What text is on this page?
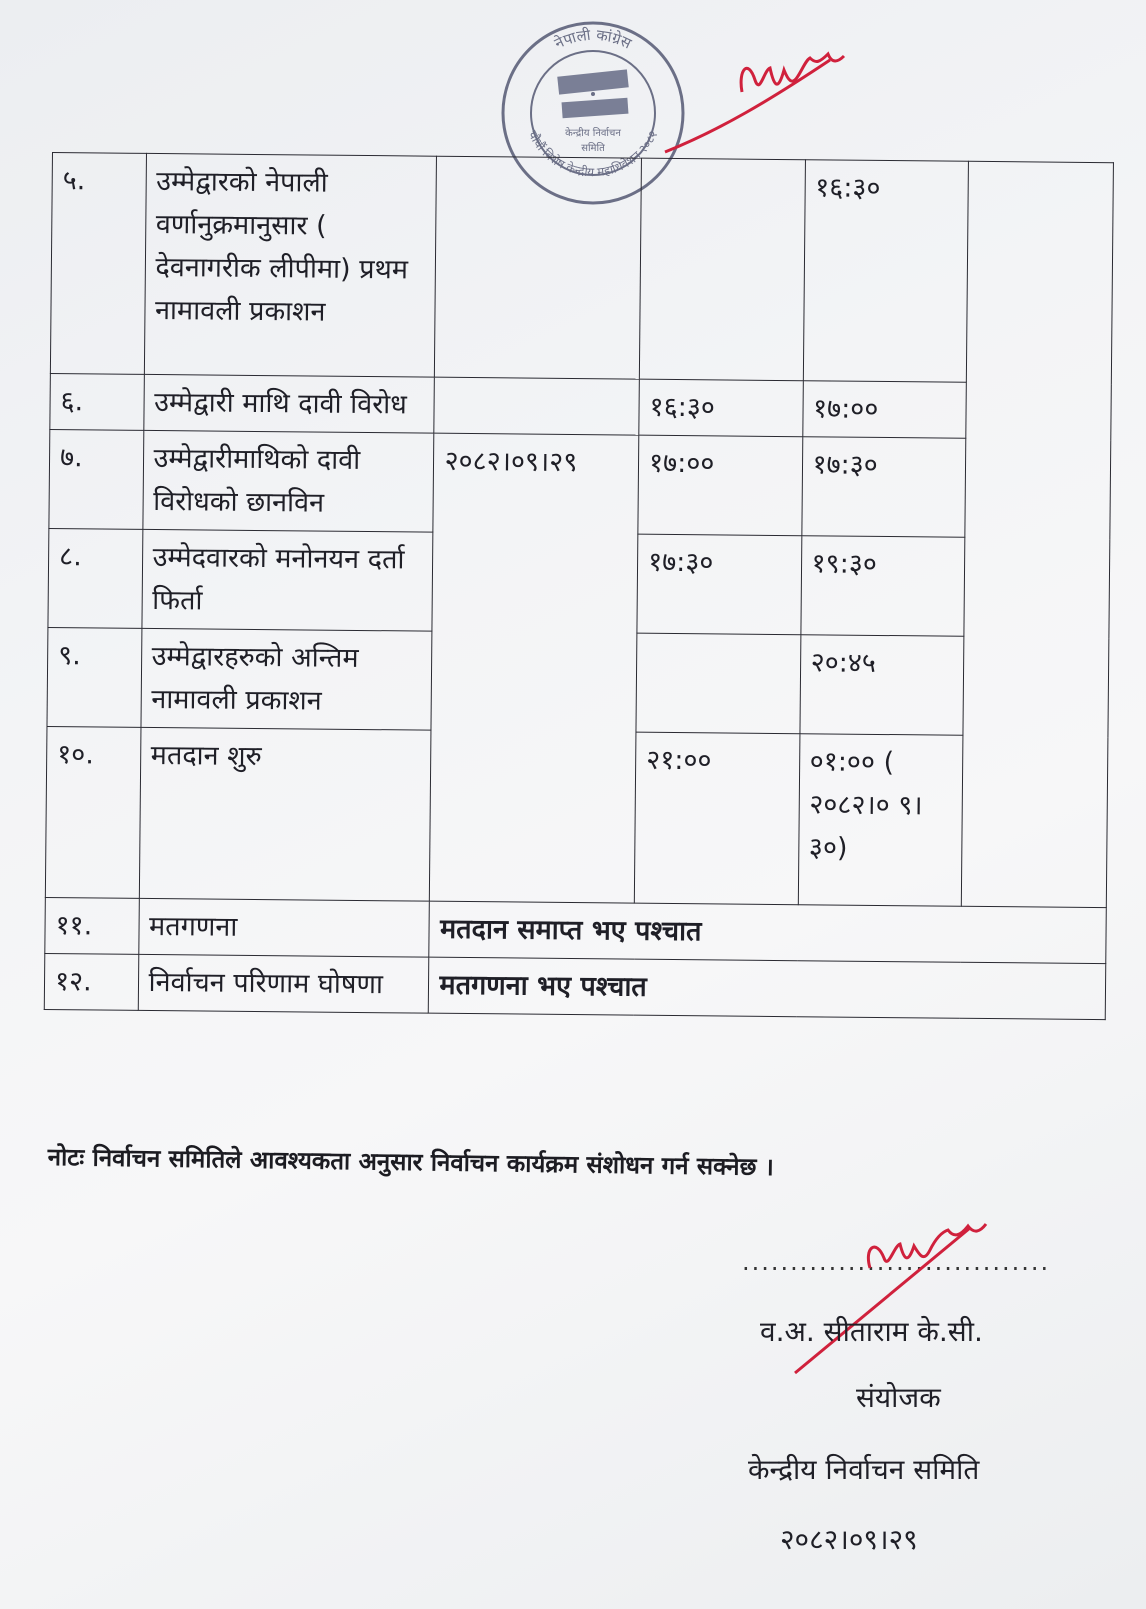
नेपाली कांग्रेस
चौधौं विशेष केन्द्रीय महाधिवेशन २०८२
केन्द्रीय निर्वाचन
समिति
५.	उम्मेद्वारको नेपाली वर्णानुक्रमानुसार ( देवनागरीक लीपीमा) प्रथम नामावली प्रकाशन			१६:३०	
६.	उम्मेद्वारी माथि दावी विरोध		१६:३०	१७:००	
७.	उम्मेद्वारीमाथिको दावी विरोधको छानविन	२०८२।०९।२९	१७:००	१७:३०	
८.	उम्मेदवारको मनोनयन दर्ता फिर्ता		१७:३०	१९:३०	
९.	उम्मेद्वारहरुको अन्तिम नामावली प्रकाशन			२०:४५	
१०.	मतदान शुरु		२१:००	०१:०० ( २०८२।० ९।३०)	
११.	मतगणना	मतदान समाप्त भए पश्चात			
१२.	निर्वाचन परिणाम घोषणा	मतगणना भए पश्चात			
नोटः निर्वाचन समितिले आवश्यकता अनुसार निर्वाचन कार्यक्रम संशोधन गर्न सक्नेछ ।
................................
व.अ. सीताराम के.सी.
संयोजक
केन्द्रीय निर्वाचन समिति
२०८२।०९।२९
